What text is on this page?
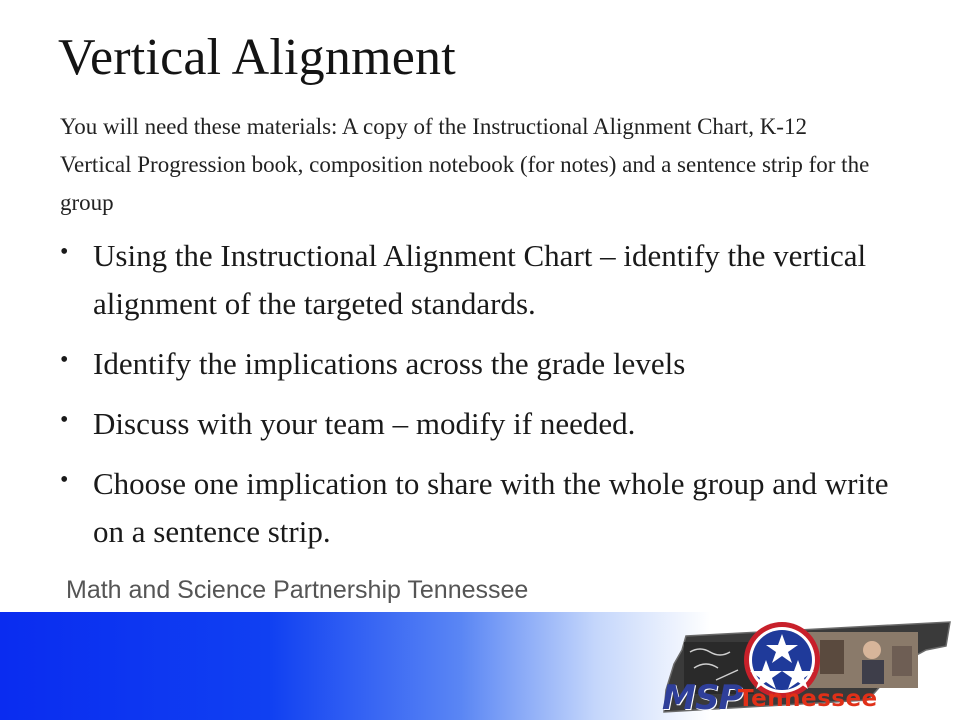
Vertical Alignment
You will need these materials: A copy of the Instructional Alignment Chart, K-12 Vertical Progression book, composition notebook (for notes) and a sentence strip for the group
• Using the Instructional Alignment Chart – identify the vertical alignment of the targeted standards.
• Identify the implications across the grade levels
• Discuss with your team – modify if needed.
• Choose one implication to share with the whole group and write on a sentence strip.
Math and Science Partnership Tennessee
MSP
Tennessee
